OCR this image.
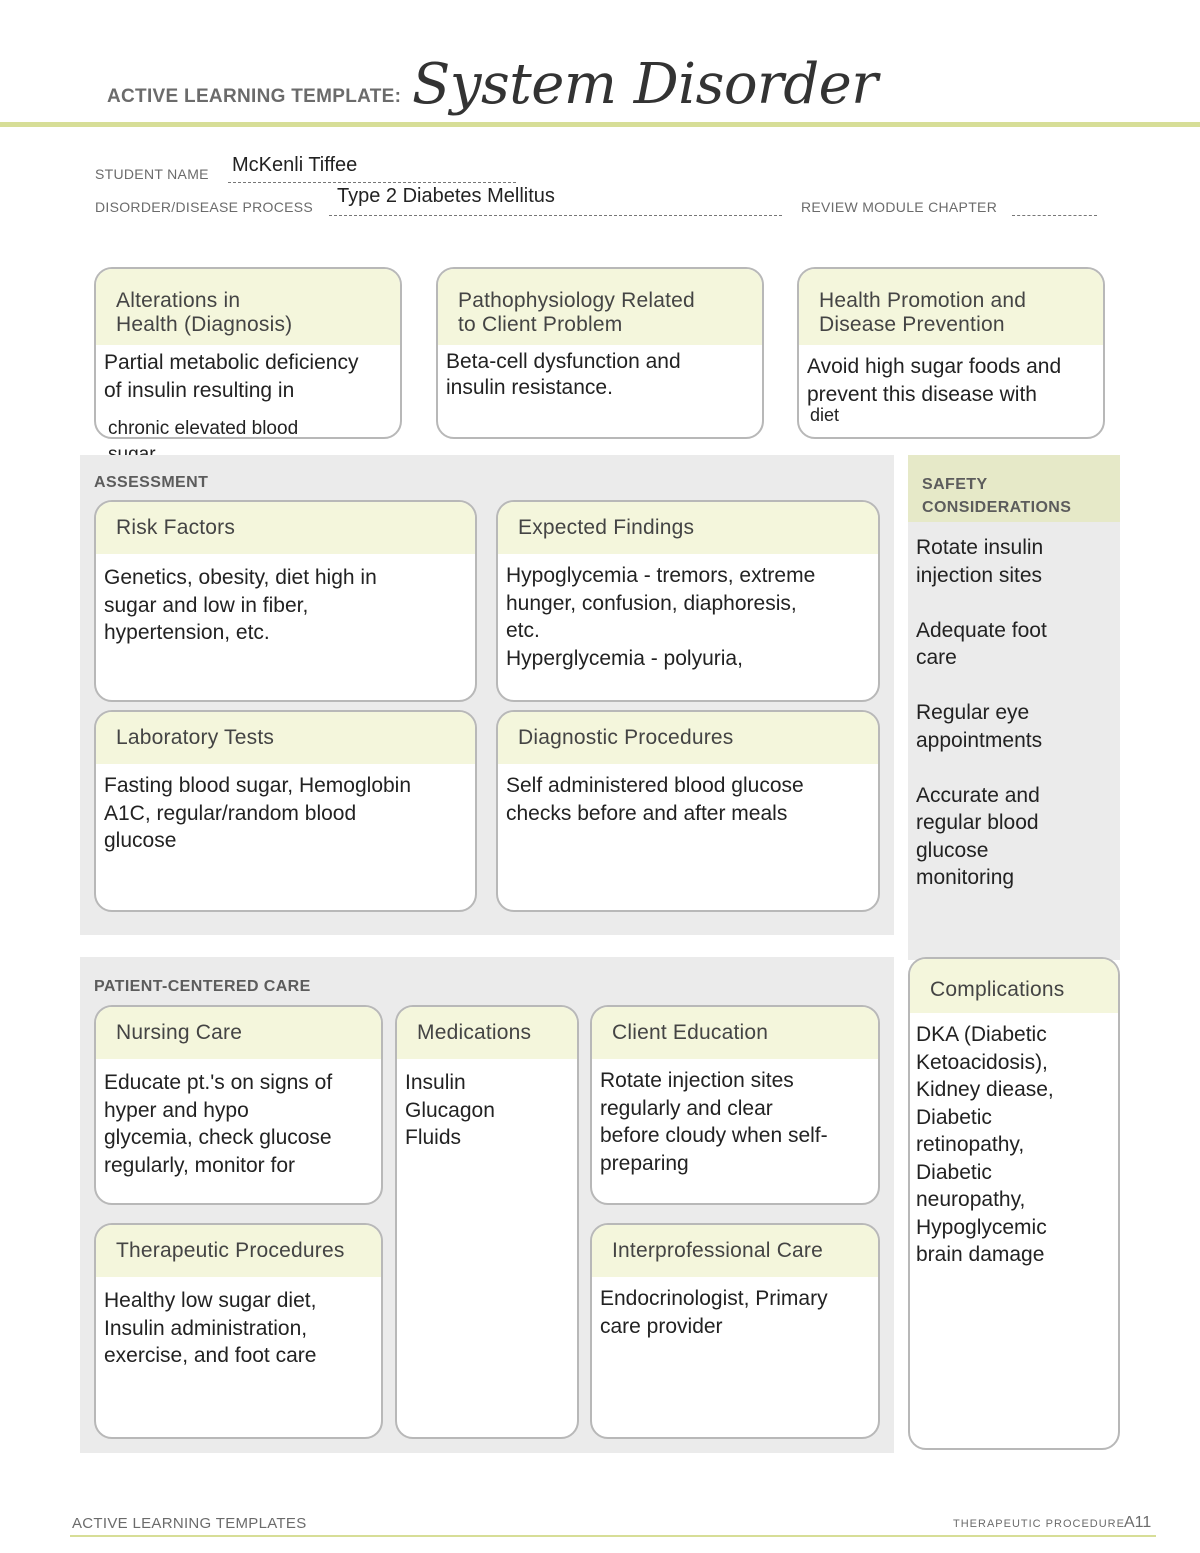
ACTIVE LEARNING TEMPLATE: System Disorder
STUDENT NAME McKenli Tiffee
DISORDER/DISEASE PROCESS Type 2 Diabetes Mellitus	REVIEW MODULE CHAPTER
Alterations in
Health (Diagnosis)
Partial metabolic deficiency
of insulin resulting in
chronic elevated blood

Pathophysiology Related
to Client Problem
Beta-cell dysfunction and
insulin resistance.
Health Promotion and
Disease Prevention
Avoid high sugar foods and
prevent this disease with
diet
ASSESSMENT
Risk Factors
Genetics, obesity, diet high in
sugar and low in fiber,
hypertension, etc.
Expected Findings
Hypoglycemia - tremors, extreme
hunger, confusion, diaphoresis,
etc.
Hyperglycemia - polyuria,
Laboratory Tests
Fasting blood sugar, Hemoglobin
A1C, regular/random blood
glucose
Diagnostic Procedures
Self administered blood glucose
checks before and after meals
SAFETY
CONSIDERATIONS
Rotate insulin
injection sites

Adequate foot
care

Regular eye
appointments

Accurate and
regular blood
glucose
monitoring
PATIENT-CENTERED CARE
Nursing Care
Educate pt.'s on signs of
hyper and hypo
glycemia, check glucose
regularly, monitor for
Medications
Insulin
Glucagon
Fluids
Client Education
Rotate injection sites
regularly and clear
before cloudy when self-
preparing
Therapeutic Procedures
Healthy low sugar diet,
Insulin administration,
exercise, and foot care
Interprofessional Care
Endocrinologist, Primary
care provider
Complications
DKA (Diabetic
Ketoacidosis),
Kidney diease,
Diabetic
retinopathy,
Diabetic
neuropathy,
Hypoglycemic
brain damage
ACTIVE LEARNING TEMPLATES	THERAPEUTIC PROCEDURE A11
